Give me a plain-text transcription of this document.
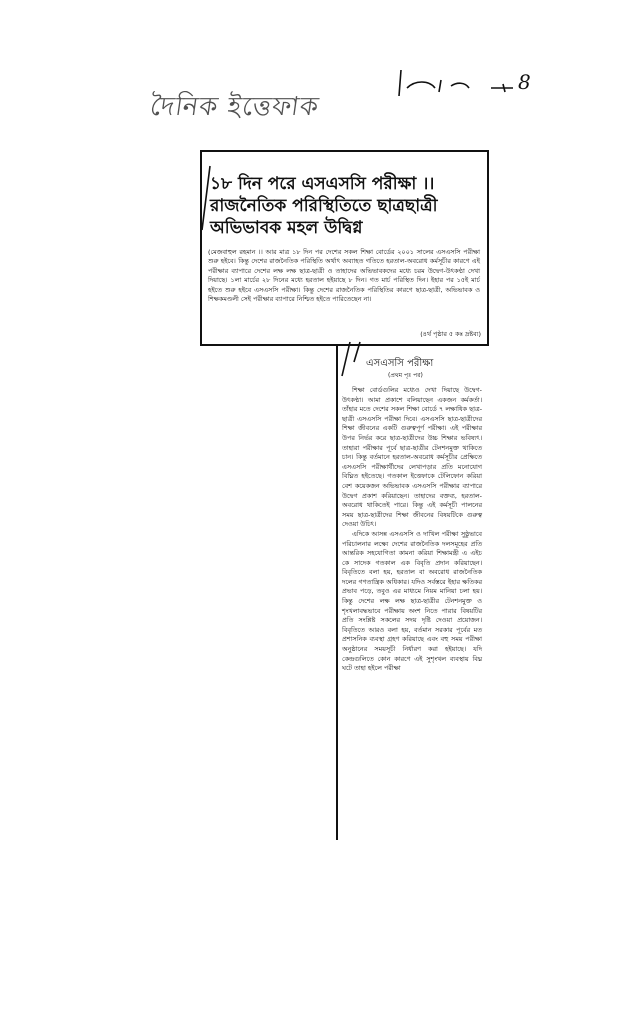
দৈনিক ইত্তেফাক
8
১৮ দিন পরে এসএসসি পরীক্ষা ।।
রাজনৈতিক পরিস্থিতিতে ছাত্রছাত্রী
অভিভাবক মহল উদ্বিগ্ন
(মেজবাহুল রহমান ।। আর মাত্র ১৮ দিন পর দেশের সকল শিক্ষা বোর্ডের ২০০১ সালের এসএসসি পরীক্ষা শুরু হইবে। কিন্তু দেশের রাজনৈতিক পরিস্থিতি অর্থাৎ অব্যাহত গতিতে হরতাল-অবরোধ কর্মসূচীর কারণে এই পরীক্ষার ব্যাপারে দেশের লক্ষ লক্ষ ছাত্র-ছাত্রী ও তাহাদের অভিভাবকদের মধ্যে চরম উদ্বেগ-উৎকণ্ঠা দেখা দিয়াছে। ১লা মার্চের ২৮ দিনের মধ্যে হরতাল হইয়াছে ৮ দিন। গত মার্চ পরিস্থিত দিন। ইহার পর ১৫ই মার্চ হইতে শুরু হইবে এসএসসি পরীক্ষা। কিন্তু দেশের রাজনৈতিক পরিস্থিতির কারণে ছাত্র-ছাত্রী, অভিভাবক ও শিক্ষকমণ্ডলী সেই পরীক্ষার ব্যাপারে নিশ্চিত হইতে পারিতেছেন না।
(৪র্থ পৃষ্ঠার ৫ কঃ দ্রষ্টব্য)
এসএসসি পরীক্ষা
(প্রথম পৃঃ পর)

শিক্ষা বোর্ডগুলির মধ্যেও দেখা দিয়াছে উদ্বেগ-উৎকণ্ঠা। আমা প্রকাশে বলিয়াছেন একজন কর্মকর্তা। তাঁহার মতে দেশের সকল শিক্ষা বোর্ডে ৭ লক্ষাধিক ছাত্র-ছাত্রী এসএসসি পরীক্ষা দিবে। এসএসসি ছাত্র-ছাত্রীদের শিক্ষা জীবনের একটি গুরুত্বপূর্ণ পরীক্ষা। এই পরীক্ষার উপর নির্ভর করে ছাত্র-ছাত্রীদের উচ্চ শিক্ষার ভবিষ্যৎ। তাহারা পরীক্ষার পূর্বে ছাত্র-ছাত্রীর টেনশনমুক্ত থাকিতে চান। কিন্তু বর্তমানে হরতাল-অবরোধ কর্মসূচীর প্রেক্ষিতে এসএসসি পরীক্ষার্থীদের লেখাপড়ার প্রতি মনোযোগ বিঘ্নিত হইতেছে। গতকাল ইত্তেফাকে টেলিফোন করিয়া বেশ কয়েকজন অভিভাবক এসএসসি পরীক্ষার ব্যাপারে উদ্বেগ প্রকাশ করিয়াছেন। তাহাদের বক্তব্য, হরতাল-অবরোধ থাকিতেই পারে। কিন্তু এই কর্মসূচী পালনের সময় ছাত্র-ছাত্রীদের শিক্ষা জীবনের বিষয়টিকে গুরুত্ব দেওয়া উচিৎ।

এদিকে আসন্ন এসএসসি ও দাখিল পরীক্ষা সুষ্ঠুভাবে পরিচালনার লক্ষ্যে দেশের রাজনৈতিক দলসমূহের প্রতি আন্তরিক সহযোগিতা কামনা করিয়া শিক্ষামন্ত্রী এ এইচ কে সাদেক গতকাল এক বিবৃতি প্রদান করিয়াছেন। বিবৃতিতে বলা হয়, হরতাল বা অবরোধ রাজনৈতিক দলের গণতান্ত্রিক অধিকার। যদিও সর্বস্তরে ইহার ক্ষতিকর প্রভাব পড়ে, তবুও এর মাধ্যমে নিয়ম মানিয়া চলা হয়। কিন্তু দেশের লক্ষ লক্ষ ছাত্র-ছাত্রীর টেনশনমুক্ত ও শৃংখলাবদ্ধভাবে পরীক্ষায় অংশ নিতে পারার বিষয়টির প্রতি সংশ্লিষ্ট সকলের সদয় দৃষ্টি দেওয়া প্রয়োজন। বিবৃতিতে আরও বলা হয়, বর্তমান সরকার পূর্বের মত প্রশাসনিক ব্যবস্থা গ্রহণ করিয়াছে এবং বহু সময় পরীক্ষা অনুষ্ঠানের সময়সূচী নির্ধারণ করা হইয়াছে। যদি কেন্দ্রগুলিতে কোন কারণে এই সুশৃংখল ব্যবস্থায় বিঘ্ন ঘটে তাহা হইলে পরীক্ষা
